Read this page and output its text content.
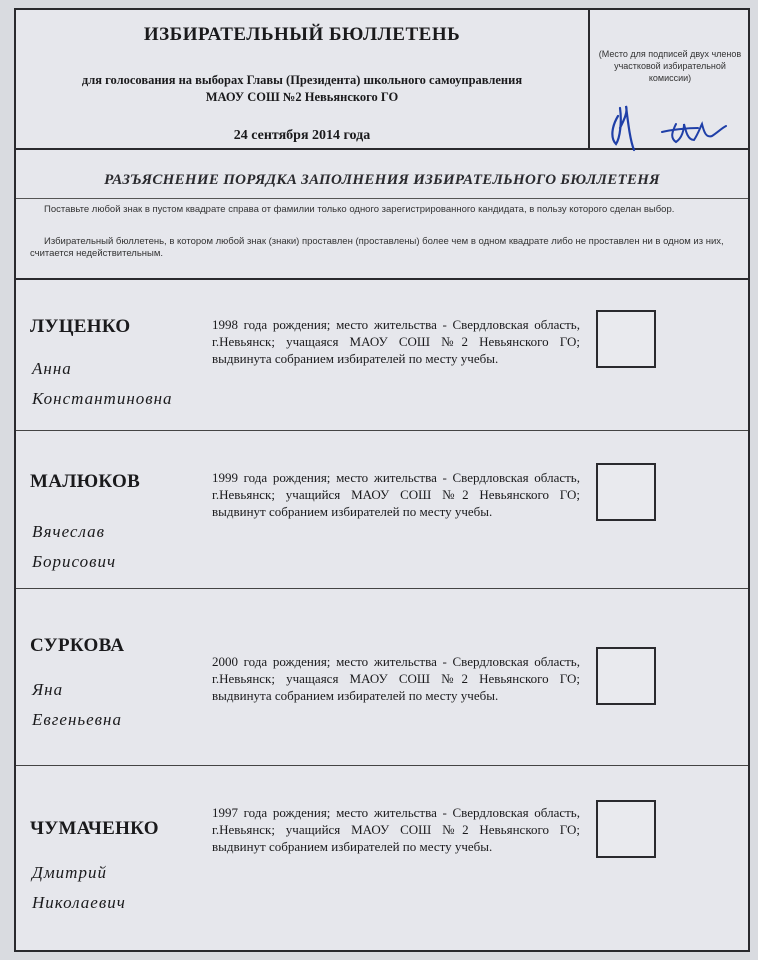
ИЗБИРАТЕЛЬНЫЙ БЮЛЛЕТЕНЬ
для голосования на выборах Главы (Президента) школьного самоуправления
МАОУ СОШ №2 Невьянского ГО
24 сентября 2014 года
(Место для подписей двух членов участковой избирательной комиссии)
РАЗЪЯСНЕНИЕ ПОРЯДКА ЗАПОЛНЕНИЯ ИЗБИРАТЕЛЬНОГО БЮЛЛЕТЕНЯ
Поставьте любой знак в пустом квадрате справа от фамилии только одного зарегистрированного кандидата, в пользу которого сделан выбор.
Избирательный бюллетень, в котором любой знак (знаки) проставлен (проставлены) более чем в одном квадрате либо не проставлен ни в одном из них, считается недействительным.
ЛУЦЕНКО
Анна
Константиновна
1998 года рождения; место жительства - Свердловская область, г.Невьянск; учащаяся МАОУ СОШ №2 Невьянского ГО; выдвинута собранием избирателей по месту учебы.
МАЛЮКОВ
Вячеслав
Борисович
1999 года рождения; место жительства - Свердловская область, г.Невьянск; учащийся МАОУ СОШ №2 Невьянского ГО; выдвинут собранием избирателей по месту учебы.
СУРКОВА
Яна
Евгеньевна
2000 года рождения; место жительства - Свердловская область, г.Невьянск; учащаяся МАОУ СОШ №2 Невьянского ГО; выдвинута собранием избирателей по месту учебы.
ЧУМАЧЕНКО
Дмитрий
Николаевич
1997 года рождения; место жительства - Свердловская область, г.Невьянск; учащийся МАОУ СОШ №2 Невьянского ГО; выдвинут собранием избирателей по месту учебы.
